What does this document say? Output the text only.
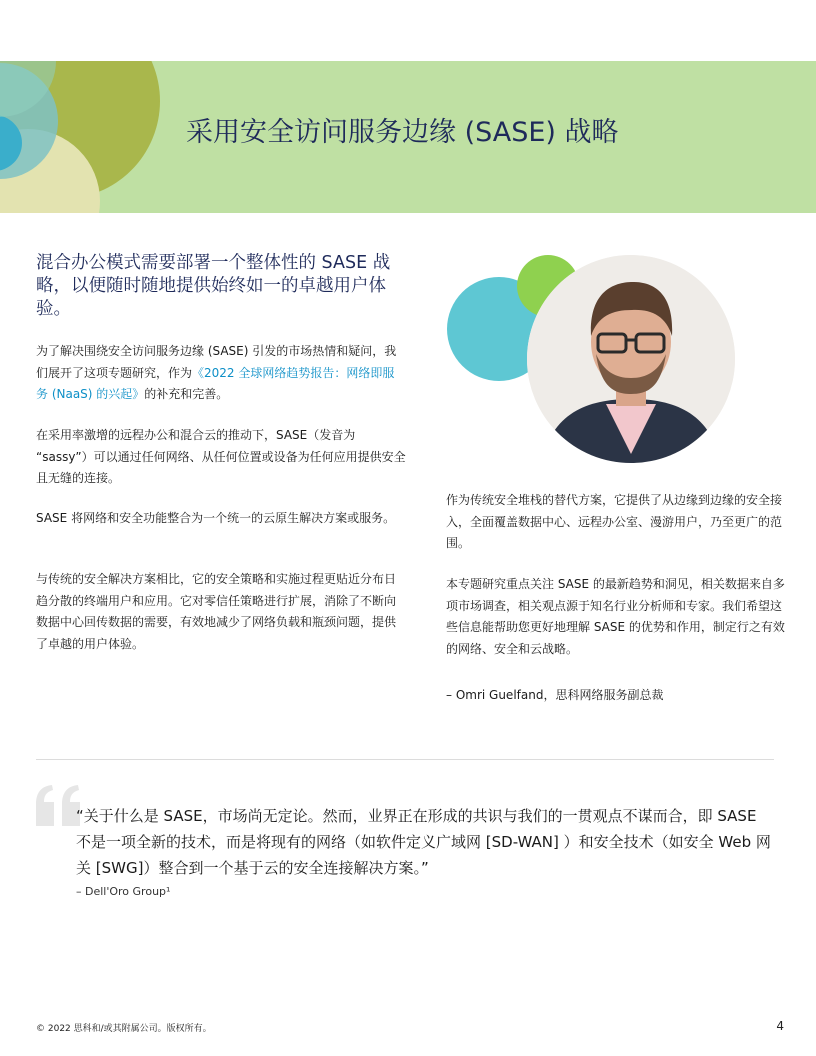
采用安全访问服务边缘 (SASE) 战略
混合办公模式需要部署一个整体性的 SASE 战略，以便随时随地提供始终如一的卓越用户体验。

为了解决围绕安全访问服务边缘 (SASE) 引发的市场热情和疑问，我们展开了这项专题研究，作为《2022 全球网络趋势报告：网络即服务 (NaaS) 的兴起》的补充和完善。

在采用率激增的远程办公和混合云的推动下，SASE（发音为 “sassy”）可以通过任何网络、从任何位置或设备为任何应用提供安全且无缝的连接。

SASE 将网络和安全功能整合为一个统一的云原生解决方案或服务。

与传统的安全解决方案相比，它的安全策略和实施过程更贴近分布日趋分散的终端用户和应用。它对零信任策略进行扩展，消除了不断向数据中心回传数据的需要，有效地减少了网络负载和瓶颈问题，提供了卓越的用户体验。

作为传统安全堆栈的替代方案，它提供了从边缘到边缘的安全接入，全面覆盖数据中心、远程办公室、漫游用户，乃至更广的范围。

本专题研究重点关注 SASE 的最新趋势和洞见，相关数据来自多项市场调查，相关观点源于知名行业分析师和专家。我们希望这些信息能帮助您更好地理解 SASE 的优势和作用，制定行之有效的网络、安全和云战略。

– Omri Guelfand，思科网络服务副总裁

“关于什么是 SASE，市场尚无定论。然而，业界正在形成的共识与我们的一贯观点不谋而合，即 SASE 不是一项全新的技术，而是将现有的网络（如软件定义广域网 [SD-WAN] ）和安全技术（如安全 Web 网关 [SWG]）整合到一个基于云的安全连接解决方案。”

– Dell'Oro Group¹

© 2022 思科和/或其附属公司。版权所有。	4
